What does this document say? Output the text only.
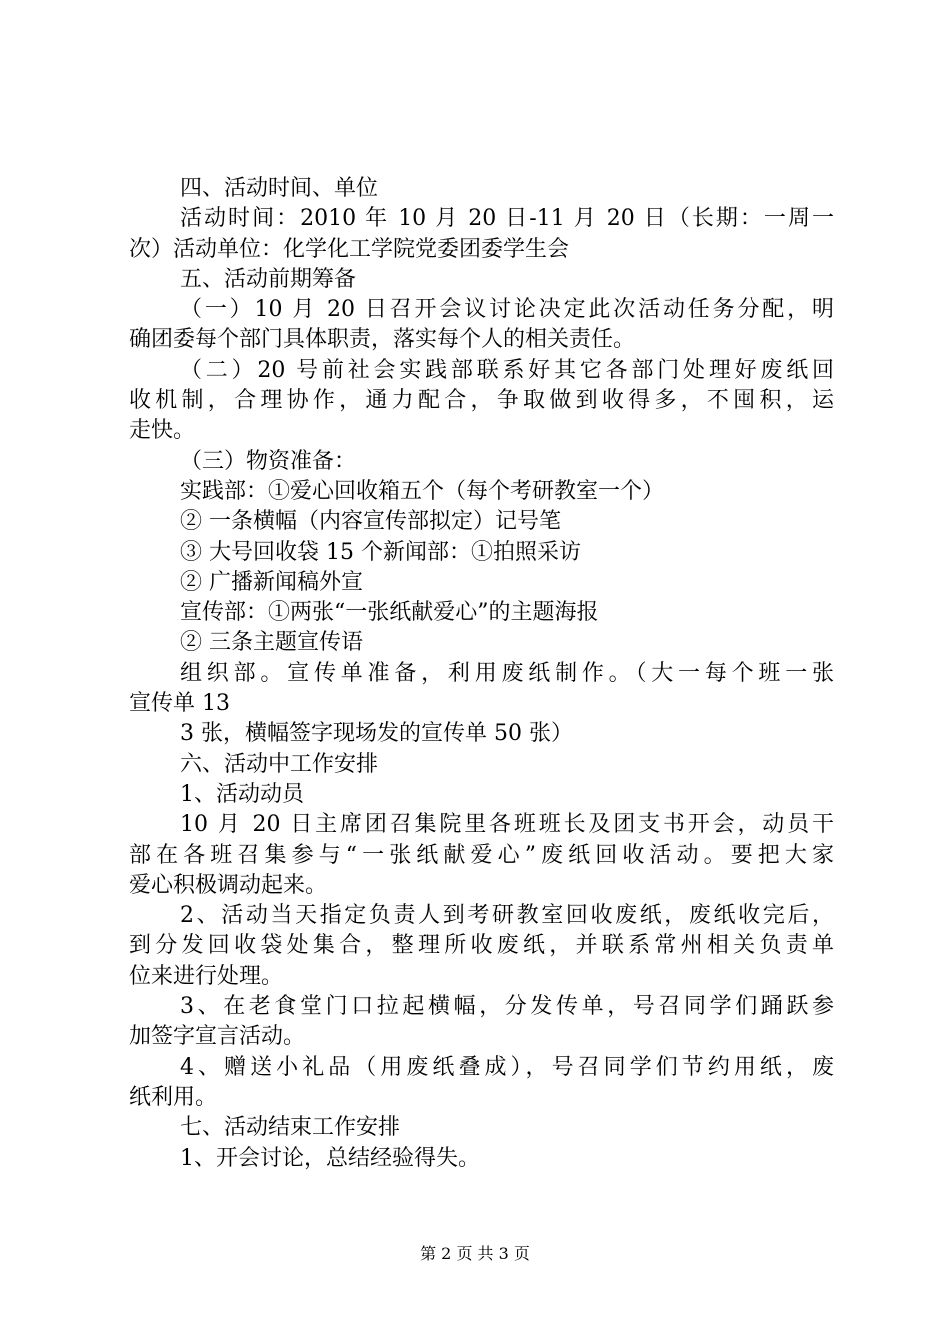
四、活动时间、单位
活动时间：2010 年 10 月 20 日-11 月 20 日（长期：一周一
次）活动单位：化学化工学院党委团委学生会
五、活动前期筹备
（一）10 月 20 日召开会议讨论决定此次活动任务分配，明
确团委每个部门具体职责，落实每个人的相关责任。
（二）20 号前社会实践部联系好其它各部门处理好废纸回
收机制，合理协作，通力配合，争取做到收得多，不囤积，运
走快。
（三）物资准备：
实践部：①爱心回收箱五个（每个考研教室一个）
② 一条横幅（内容宣传部拟定）记号笔
③ 大号回收袋 15 个新闻部：①拍照采访
② 广播新闻稿外宣
宣传部：①两张“一张纸献爱心”的主题海报
② 三条主题宣传语
组织部。宣传单准备，利用废纸制作。（大一每个班一张
宣传单 13
3 张，横幅签字现场发的宣传单 50 张）
六、活动中工作安排
1、活动动员
10 月 20 日主席团召集院里各班班长及团支书开会，动员干
部在各班召集参与“一张纸献爱心”废纸回收活动。要把大家
爱心积极调动起来。
2、活动当天指定负责人到考研教室回收废纸，废纸收完后，
到分发回收袋处集合，整理所收废纸，并联系常州相关负责单
位来进行处理。
3、在老食堂门口拉起横幅，分发传单，号召同学们踊跃参
加签字宣言活动。
4、赠送小礼品（用废纸叠成），号召同学们节约用纸，废
纸利用。
七、活动结束工作安排
1、开会讨论，总结经验得失。
第 2 页 共 3 页
